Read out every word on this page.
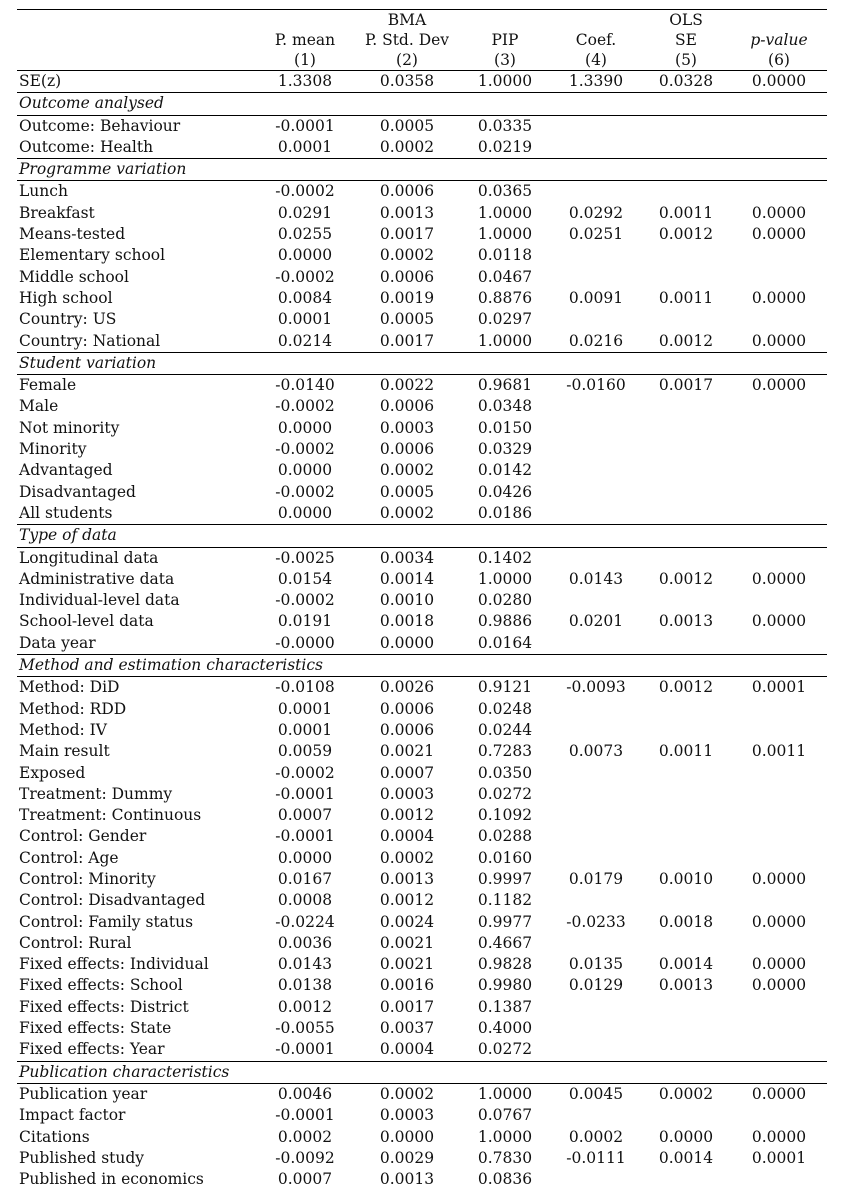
		BMA			OLS	
	P. mean	P. Std. Dev	PIP	Coef.	SE	p-value
	(1)	(2)	(3)	(4)	(5)	(6)
SE(z)	1.3308	0.0358	1.0000	1.3390	0.0328	0.0000
Outcome analysed						
Outcome: Behaviour	-0.0001	0.0005	0.0335			
Outcome: Health	0.0001	0.0002	0.0219			
Programme variation						
Lunch	-0.0002	0.0006	0.0365			
Breakfast	0.0291	0.0013	1.0000	0.0292	0.0011	0.0000
Means-tested	0.0255	0.0017	1.0000	0.0251	0.0012	0.0000
Elementary school	0.0000	0.0002	0.0118			
Middle school	-0.0002	0.0006	0.0467			
High school	0.0084	0.0019	0.8876	0.0091	0.0011	0.0000
Country: US	0.0001	0.0005	0.0297			
Country: National	0.0214	0.0017	1.0000	0.0216	0.0012	0.0000
Student variation						
Female	-0.0140	0.0022	0.9681	-0.0160	0.0017	0.0000
Male	-0.0002	0.0006	0.0348			
Not minority	0.0000	0.0003	0.0150			
Minority	-0.0002	0.0006	0.0329			
Advantaged	0.0000	0.0002	0.0142			
Disadvantaged	-0.0002	0.0005	0.0426			
All students	0.0000	0.0002	0.0186			
Type of data						
Longitudinal data	-0.0025	0.0034	0.1402			
Administrative data	0.0154	0.0014	1.0000	0.0143	0.0012	0.0000
Individual-level data	-0.0002	0.0010	0.0280			
School-level data	0.0191	0.0018	0.9886	0.0201	0.0013	0.0000
Data year	-0.0000	0.0000	0.0164			
Method and estimation characteristics						
Method: DiD	-0.0108	0.0026	0.9121	-0.0093	0.0012	0.0001
Method: RDD	0.0001	0.0006	0.0248			
Method: IV	0.0001	0.0006	0.0244			
Main result	0.0059	0.0021	0.7283	0.0073	0.0011	0.0011
Exposed	-0.0002	0.0007	0.0350			
Treatment: Dummy	-0.0001	0.0003	0.0272			
Treatment: Continuous	0.0007	0.0012	0.1092			
Control: Gender	-0.0001	0.0004	0.0288			
Control: Age	0.0000	0.0002	0.0160			
Control: Minority	0.0167	0.0013	0.9997	0.0179	0.0010	0.0000
Control: Disadvantaged	0.0008	0.0012	0.1182			
Control: Family status	-0.0224	0.0024	0.9977	-0.0233	0.0018	0.0000
Control: Rural	0.0036	0.0021	0.4667			
Fixed effects: Individual	0.0143	0.0021	0.9828	0.0135	0.0014	0.0000
Fixed effects: School	0.0138	0.0016	0.9980	0.0129	0.0013	0.0000
Fixed effects: District	0.0012	0.0017	0.1387			
Fixed effects: State	-0.0055	0.0037	0.4000			
Fixed effects: Year	-0.0001	0.0004	0.0272			
Publication characteristics						
Publication year	0.0046	0.0002	1.0000	0.0045	0.0002	0.0000
Impact factor	-0.0001	0.0003	0.0767			
Citations	0.0002	0.0000	1.0000	0.0002	0.0000	0.0000
Published study	-0.0092	0.0029	0.7830	-0.0111	0.0014	0.0001
Published in economics	0.0007	0.0013	0.0836			
